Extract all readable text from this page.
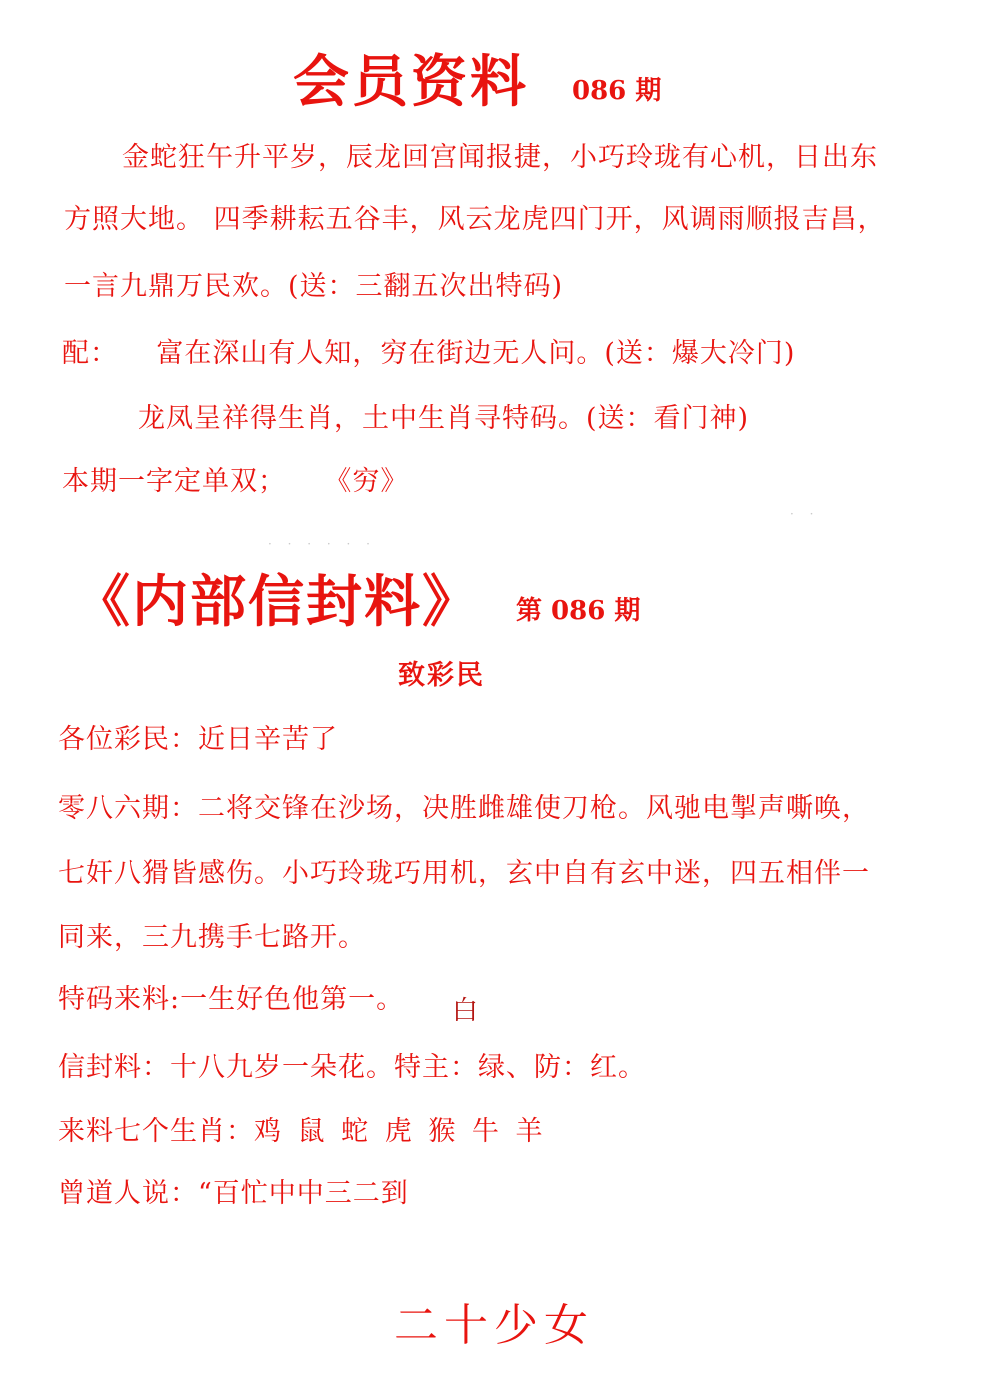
会员资料 086 期
金蛇狂午升平岁，辰龙回宫闻报捷，小巧玲珑有心机，日出东
方照大地。 四季耕耘五谷丰，风云龙虎四门开，风调雨顺报吉昌，
一言九鼎万民欢。(送：三翻五次出特码)
配：    富在深山有人知，穷在街边无人问。(送：爆大冷门)
龙凤呈祥得生肖，土中生肖寻特码。(送：看门神)
本期一字定单双；    《穷》
· · · · · ·
· ·
《内部信封料》 第 086 期
致彩民
各位彩民：近日辛苦了
零八六期：二将交锋在沙场，决胜雌雄使刀枪。风驰电掣声嘶唤，
七奸八猾皆感伤。小巧玲珑巧用机，玄中自有玄中迷，四五相伴一
同来，三九携手七路开。
特码来料:一生好色他第一。 白
信封料：十八九岁一朵花。特主：绿、防：红。
来料七个生肖：鸡 鼠 蛇 虎 猴 牛 羊
曾道人说：“百忙中中三二到
二十少女
